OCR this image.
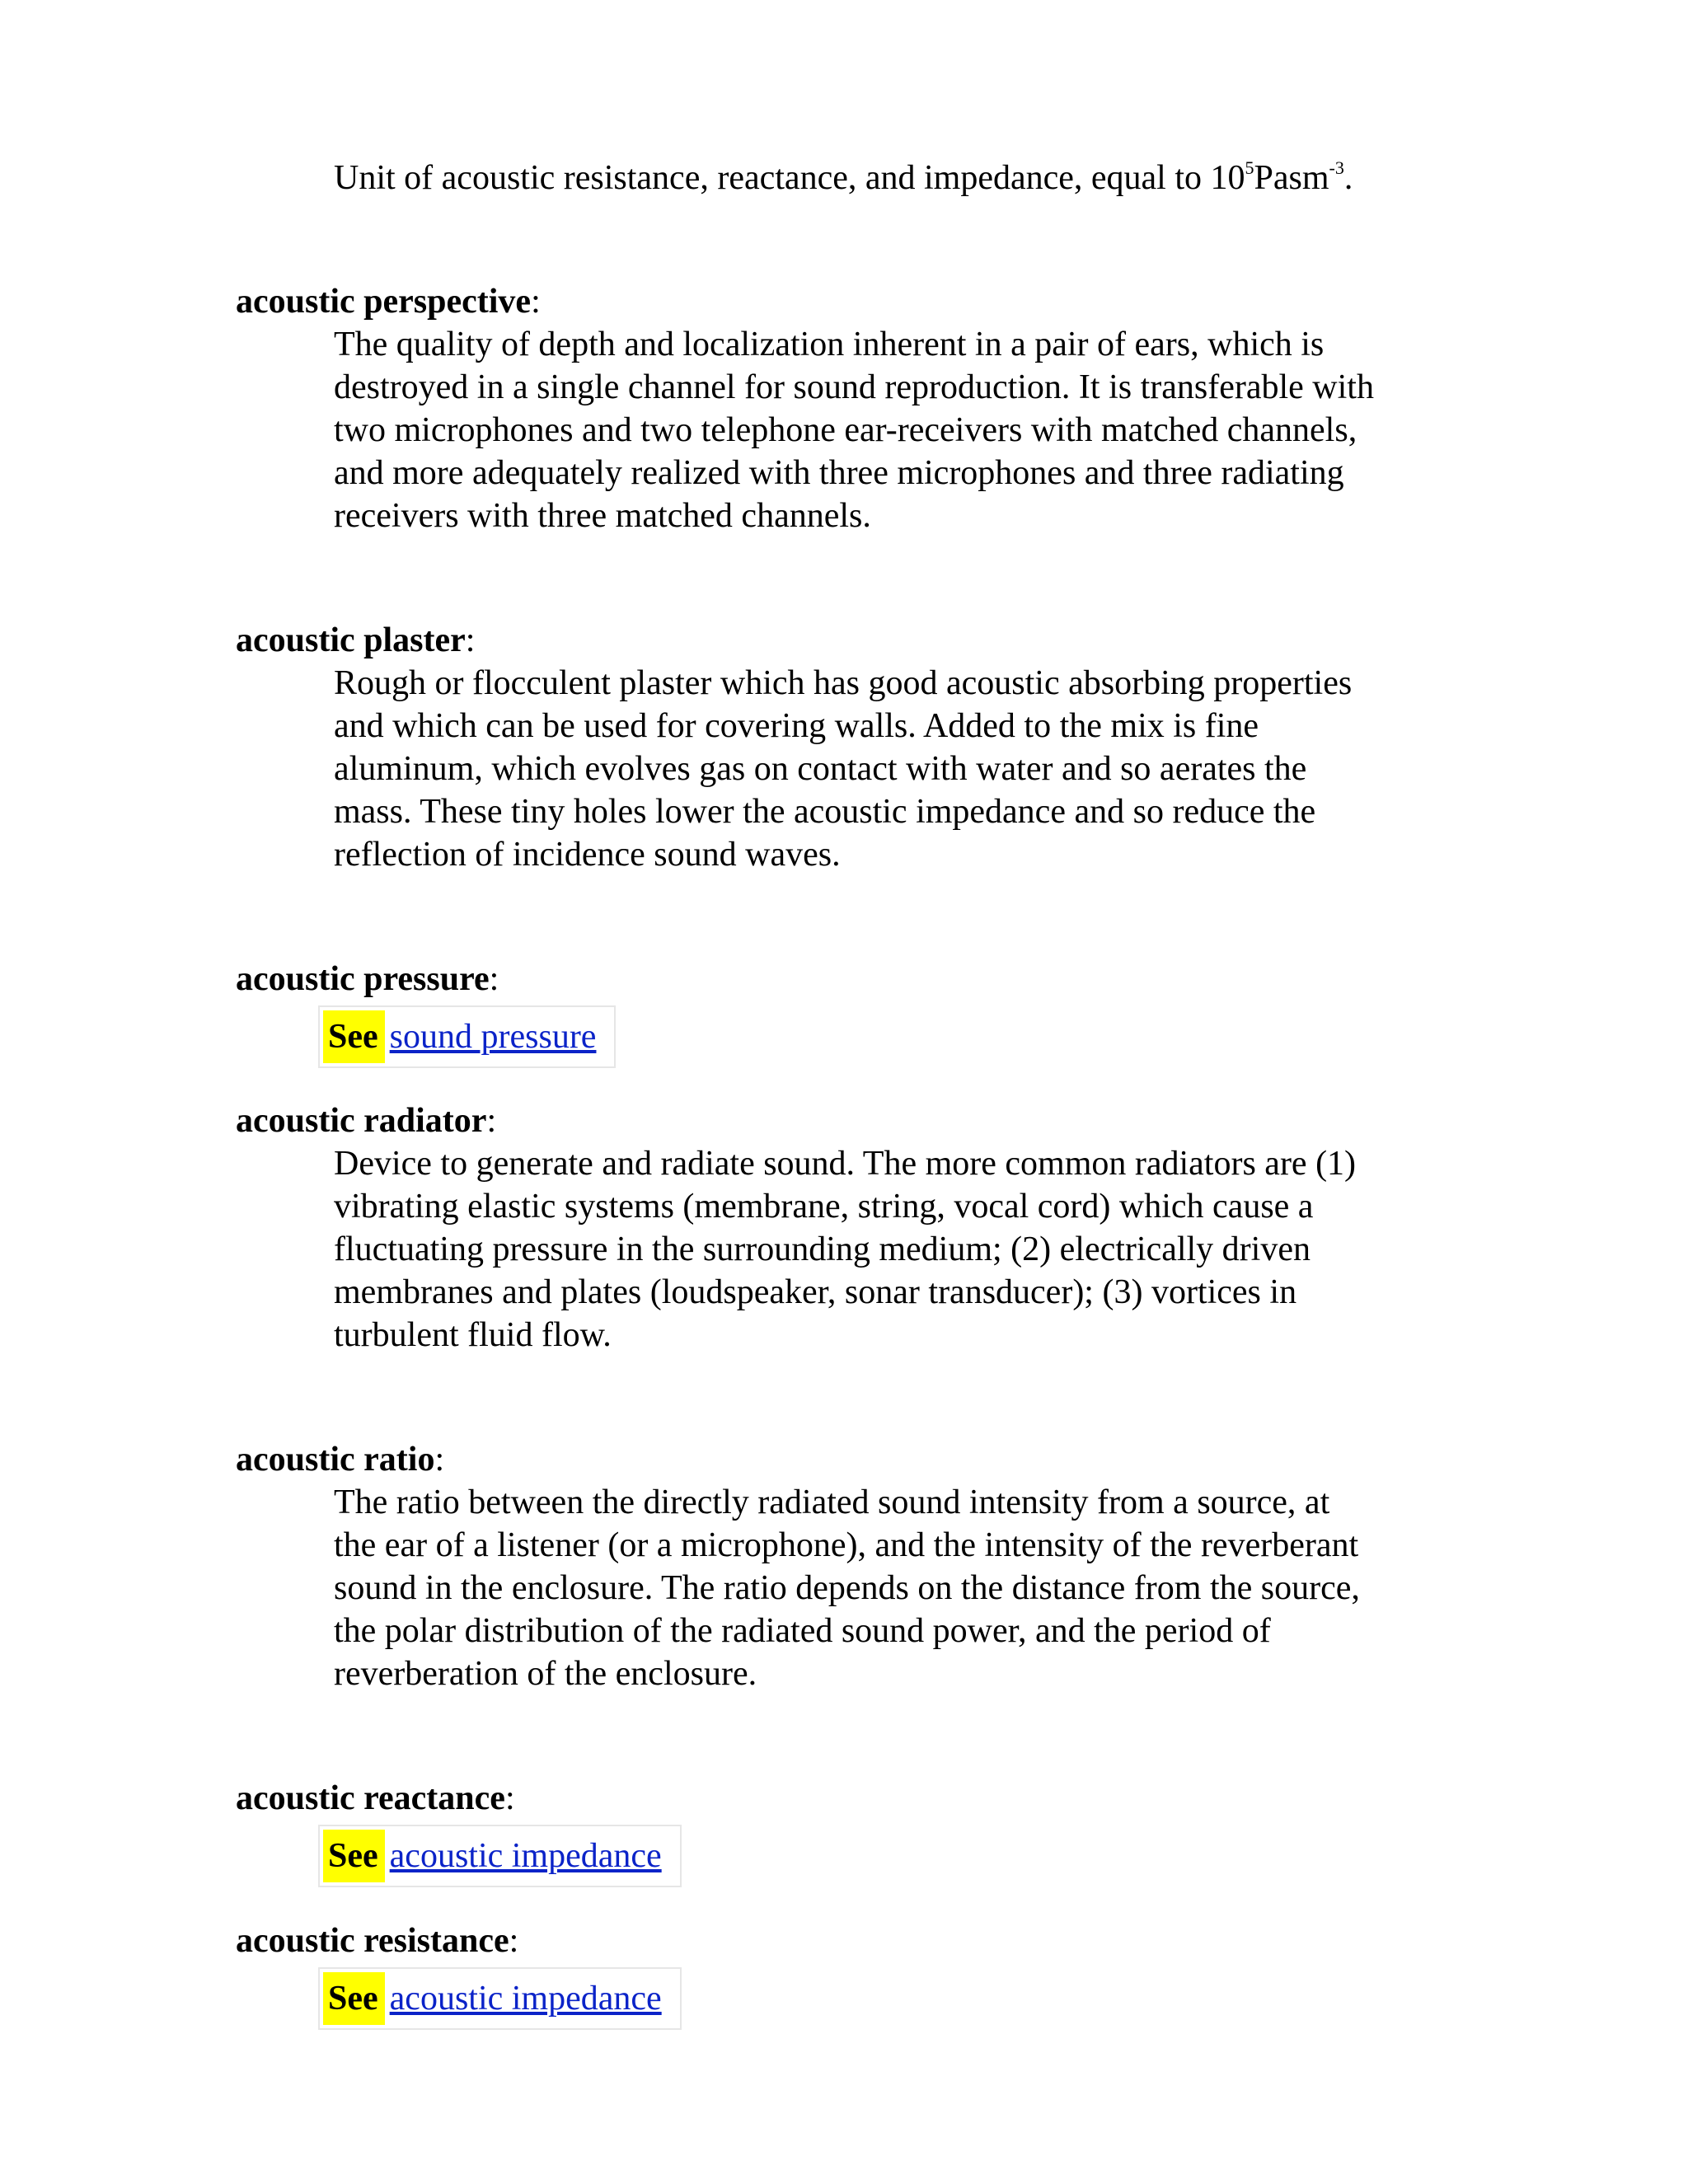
Unit of acoustic resistance, reactance, and impedance, equal to $10^5Pasm^{-3}$.

acoustic perspective:

The quality of depth and localization inherent in a pair of ears, which is
destroyed in a single channel for sound reproduction. It is transferable with
two microphones and two telephone ear-receivers with matched channels,
and more adequately realized with three microphones and three radiating
receivers with three matched channels.

acoustic plaster:

Rough or flocculent plaster which has good acoustic absorbing properties
and which can be used for covering walls. Added to the mix is fine
aluminum, which evolves gas on contact with water and so aerates the
mass. These tiny holes lower the acoustic impedance and so reduce the
reflection of incidence sound waves.

acoustic pressure:

See sound pressure

acoustic radiator:

Device to generate and radiate sound. The more common radiators are (1)
vibrating elastic systems (membrane, string, vocal cord) which cause a
fluctuating pressure in the surrounding medium; (2) electrically driven
membranes and plates (loudspeaker, sonar transducer); (3) vortices in
turbulent fluid flow.

acoustic ratio:

The ratio between the directly radiated sound intensity from a source, at
the ear of a listener (or a microphone), and the intensity of the reverberant
sound in the enclosure. The ratio depends on the distance from the source,
the polar distribution of the radiated sound power, and the period of
reverberation of the enclosure.

acoustic reactance:

See acoustic impedance

acoustic resistance:

See acoustic impedance
